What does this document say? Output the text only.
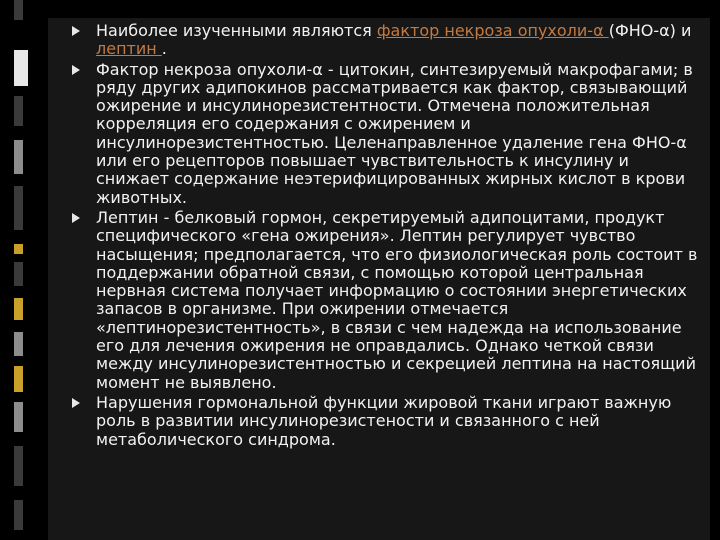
Наиболее изученными являются фактор некроза опухоли-α (ФНО-α) и лептин .
Фактор некроза опухоли-α - цитокин, синтезируемый макрофагами; в ряду других адипокинов рассматривается как фактор, связывающий ожирение и инсулинорезистентности. Отмечена положительная корреляция его содержания с ожирением и инсулинорезистентностью. Целенаправленное удаление гена ФНО-α или его рецепторов повышает чувствительность к инсулину и снижает содержание неэтерифицированных жирных кислот в крови животных.
Лептин - белковый гормон, секретируемый адипоцитами, продукт специфического «гена ожирения». Лептин регулирует чувство насыщения; предполагается, что его физиологическая роль состоит в поддержании обратной связи, с помощью которой центральная нервная система получает информацию о состоянии энергетических запасов в организме. При ожирении отмечается «лептинорезистентность», в связи с чем надежда на использование его для лечения ожирения не оправдались. Однако четкой связи между инсулинорезистентностью и секрецией лептина на настоящий момент не выявлено.
Нарушения гормональной функции жировой ткани играют важную роль в развитии инсулинорезистености и связанного с ней метаболического синдрома.
